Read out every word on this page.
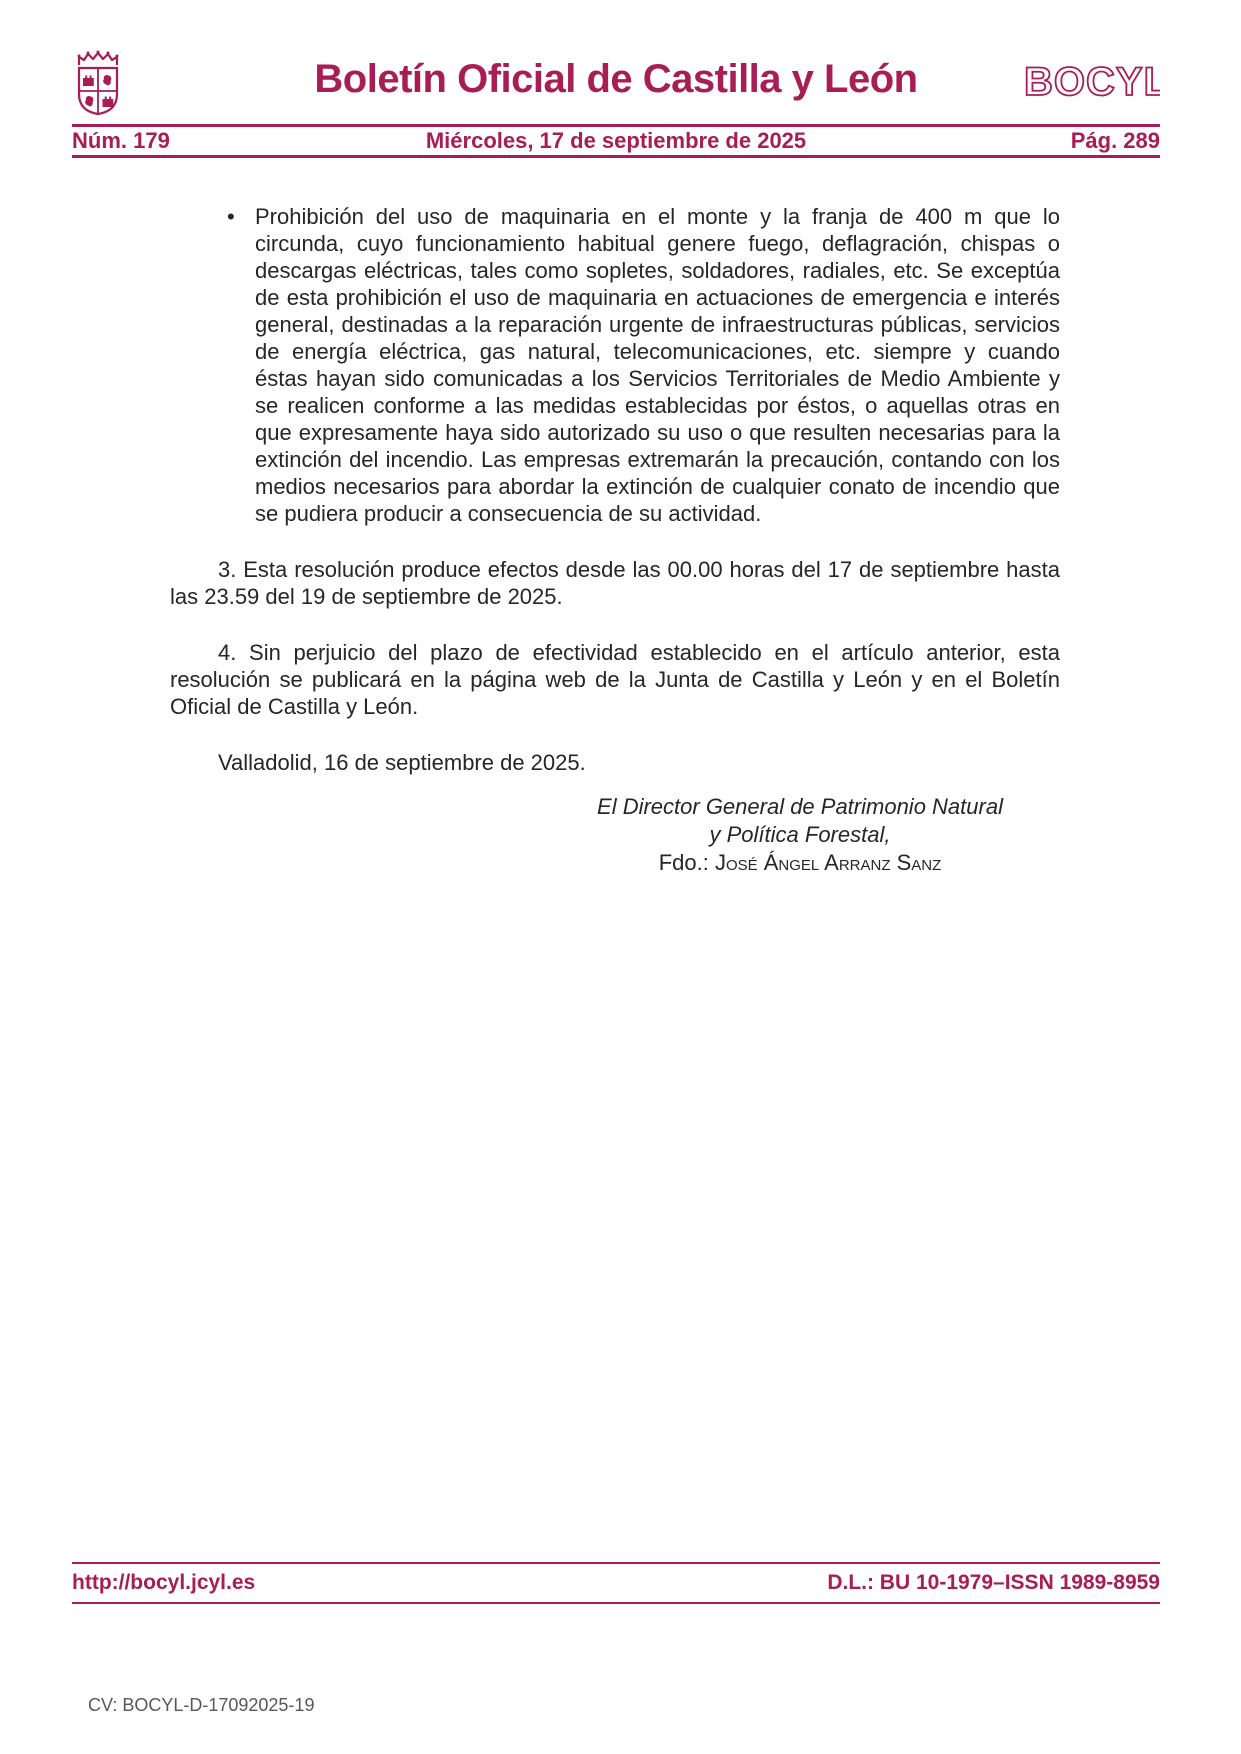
Boletín Oficial de Castilla y León	BOCYL
Núm. 179	Miércoles, 17 de septiembre de 2025	Pág. 289
• Prohibición del uso de maquinaria en el monte y la franja de 400 m que lo circunda, cuyo funcionamiento habitual genere fuego, deflagración, chispas o descargas eléctricas, tales como sopletes, soldadores, radiales, etc. Se exceptúa de esta prohibición el uso de maquinaria en actuaciones de emergencia e interés general, destinadas a la reparación urgente de infraestructuras públicas, servicios de energía eléctrica, gas natural, telecomunicaciones, etc. siempre y cuando éstas hayan sido comunicadas a los Servicios Territoriales de Medio Ambiente y se realicen conforme a las medidas establecidas por éstos, o aquellas otras en que expresamente haya sido autorizado su uso o que resulten necesarias para la extinción del incendio. Las empresas extremarán la precaución, contando con los medios necesarios para abordar la extinción de cualquier conato de incendio que se pudiera producir a consecuencia de su actividad.

3. Esta resolución produce efectos desde las 00.00 horas del 17 de septiembre hasta las 23.59 del 19 de septiembre de 2025.

4. Sin perjuicio del plazo de efectividad establecido en el artículo anterior, esta resolución se publicará en la página web de la Junta de Castilla y León y en el Boletín Oficial de Castilla y León.

Valladolid, 16 de septiembre de 2025.

El Director General de Patrimonio Natural
y Política Forestal,
Fdo.: José Ángel Arranz Sanz
http://bocyl.jcyl.es	D.L.: BU 10-1979–ISSN 1989-8959
CV: BOCYL-D-17092025-19
